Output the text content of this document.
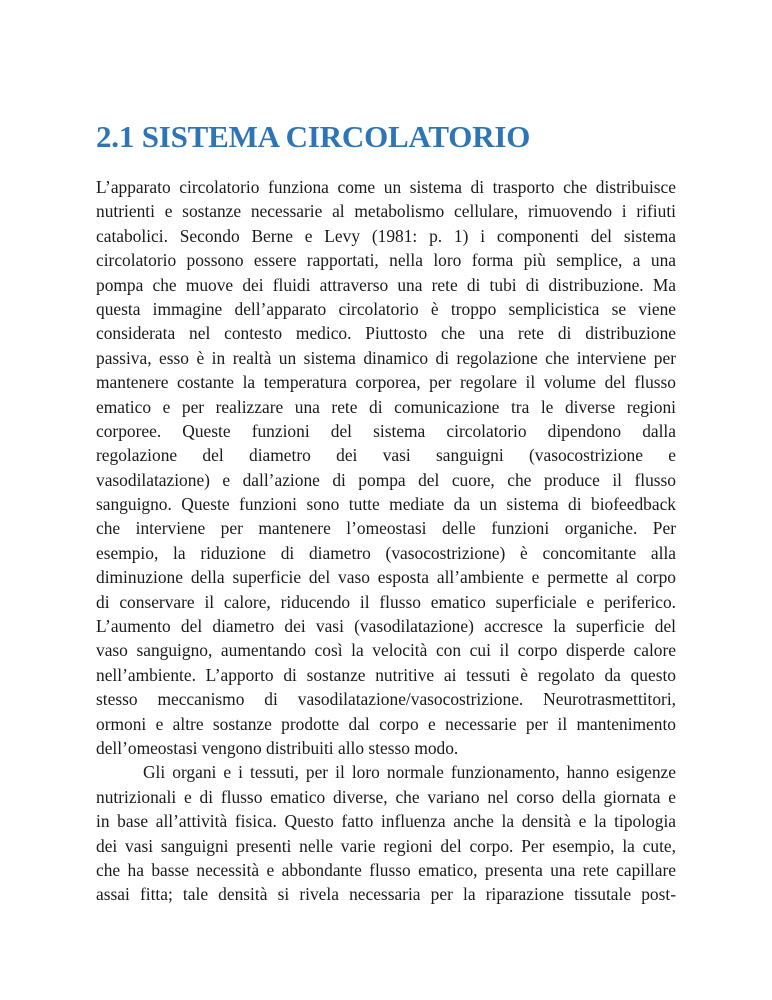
2.1 SISTEMA CIRCOLATORIO
L’apparato circolatorio funziona come un sistema di trasporto che distribuisce
nutrienti e sostanze necessarie al metabolismo cellulare, rimuovendo i rifiuti
catabolici. Secondo Berne e Levy (1981: p. 1) i componenti del sistema
circolatorio possono essere rapportati, nella loro forma più semplice, a una
pompa che muove dei fluidi attraverso una rete di tubi di distribuzione. Ma
questa immagine dell’apparato circolatorio è troppo semplicistica se viene
considerata nel contesto medico. Piuttosto che una rete di distribuzione
passiva, esso è in realtà un sistema dinamico di regolazione che interviene per
mantenere costante la temperatura corporea, per regolare il volume del flusso
ematico e per realizzare una rete di comunicazione tra le diverse regioni
corporee. Queste funzioni del sistema circolatorio dipendono dalla
regolazione del diametro dei vasi sanguigni (vasocostrizione e
vasodilatazione) e dall’azione di pompa del cuore, che produce il flusso
sanguigno. Queste funzioni sono tutte mediate da un sistema di biofeedback
che interviene per mantenere l’omeostasi delle funzioni organiche. Per
esempio, la riduzione di diametro (vasocostrizione) è concomitante alla
diminuzione della superficie del vaso esposta all’ambiente e permette al corpo
di conservare il calore, riducendo il flusso ematico superficiale e periferico.
L’aumento del diametro dei vasi (vasodilatazione) accresce la superficie del
vaso sanguigno, aumentando così la velocità con cui il corpo disperde calore
nell’ambiente. L’apporto di sostanze nutritive ai tessuti è regolato da questo
stesso meccanismo di vasodilatazione/vasocostrizione. Neurotrasmettitori,
ormoni e altre sostanze prodotte dal corpo e necessarie per il mantenimento
dell’omeostasi vengono distribuiti allo stesso modo.
Gli organi e i tessuti, per il loro normale funzionamento, hanno esigenze
nutrizionali e di flusso ematico diverse, che variano nel corso della giornata e
in base all’attività fisica. Questo fatto influenza anche la densità e la tipologia
dei vasi sanguigni presenti nelle varie regioni del corpo. Per esempio, la cute,
che ha basse necessità e abbondante flusso ematico, presenta una rete capillare
assai fitta; tale densità si rivela necessaria per la riparazione tissutale post-
